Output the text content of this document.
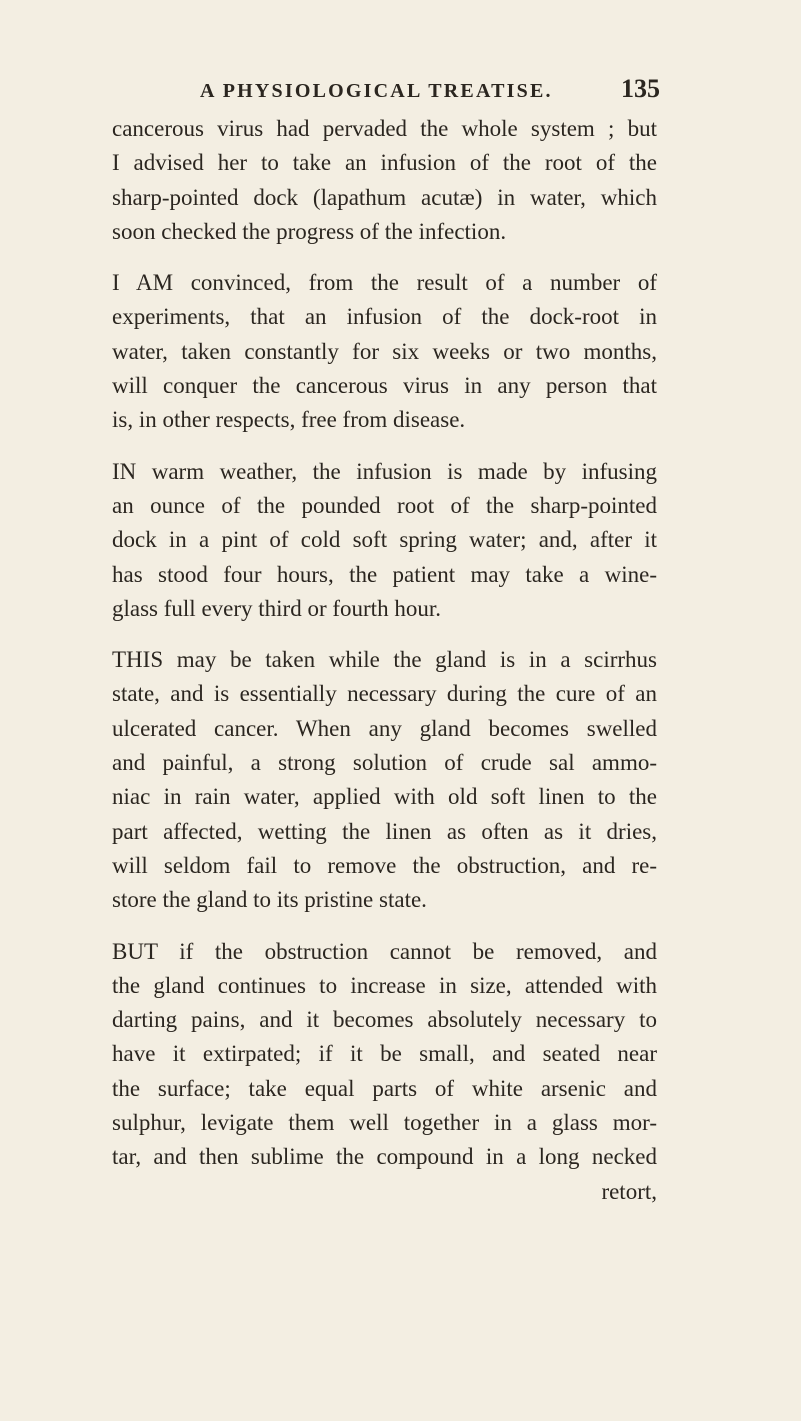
A PHYSIOLOGICAL TREATISE.	135
cancerous virus had pervaded the whole system ; but
I advised her to take an infusion of the root of the
sharp-pointed dock (lapathum acutæ) in water, which
soon checked the progress of the infection.
I AM convinced, from the result of a number of
experiments, that an infusion of the dock-root in
water, taken constantly for six weeks or two months,
will conquer the cancerous virus in any person that
is, in other respects, free from disease.
IN warm weather, the infusion is made by infusing
an ounce of the pounded root of the sharp-pointed
dock in a pint of cold soft spring water; and, after it
has stood four hours, the patient may take a wine-
glass full every third or fourth hour.
THIS may be taken while the gland is in a scirrhus
state, and is essentially necessary during the cure of an
ulcerated cancer. When any gland becomes swelled
and painful, a strong solution of crude sal ammo-
niac in rain water, applied with old soft linen to the
part affected, wetting the linen as often as it dries,
will seldom fail to remove the obstruction, and re-
store the gland to its pristine state.
BUT if the obstruction cannot be removed, and
the gland continues to increase in size, attended with
darting pains, and it becomes absolutely necessary to
have it extirpated; if it be small, and seated near
the surface; take equal parts of white arsenic and
sulphur, levigate them well together in a glass mor-
tar, and then sublime the compound in a long necked
retort,
